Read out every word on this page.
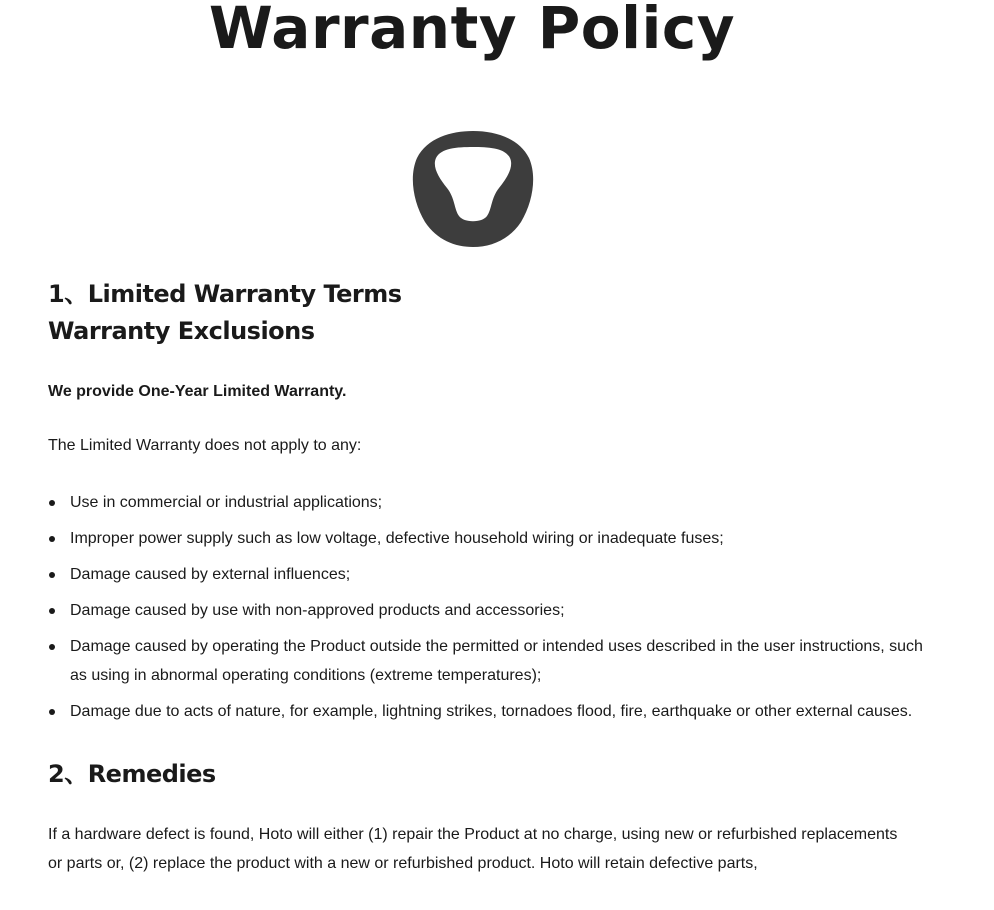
Warranty Policy
1、Limited Warranty Terms
Warranty Exclusions

We provide One-Year Limited Warranty.

The Limited Warranty does not apply to any:

Use in commercial or industrial applications;
Improper power supply such as low voltage, defective household wiring or inadequate fuses;
Damage caused by external influences;
Damage caused by use with non-approved products and accessories;
Damage caused by operating the Product outside the permitted or intended uses described in the user instructions, such as using in abnormal operating conditions (extreme temperatures);
Damage due to acts of nature, for example, lightning strikes, tornadoes flood, fire, earthquake or other external causes.
2、Remedies

If a hardware defect is found, Hoto will either (1) repair the Product at no charge, using new or refurbished replacements or parts or, (2) replace the product with a new or refurbished product. Hoto will retain defective parts,
